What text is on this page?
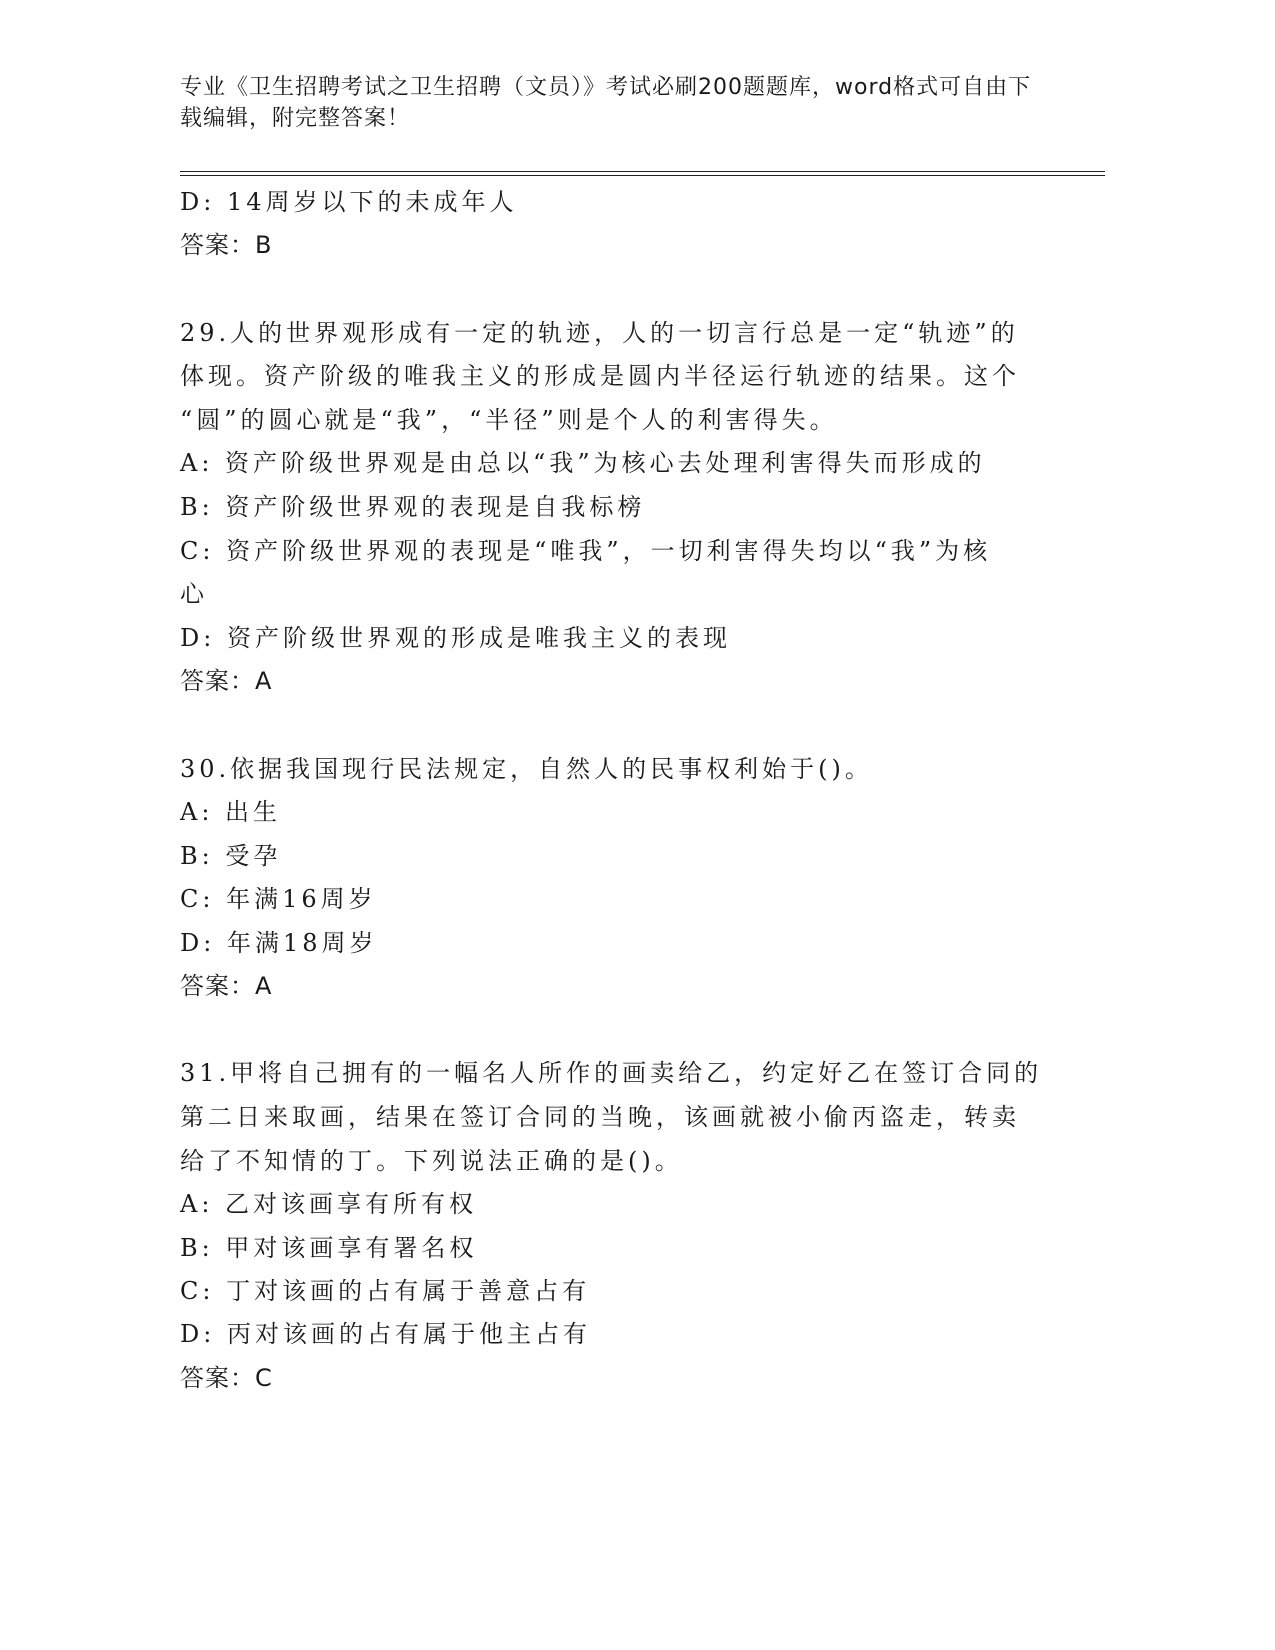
专业《卫生招聘考试之卫生招聘（文员）》考试必刷200题题库，word格式可自由下载编辑，附完整答案！
D: 14周岁以下的未成年人
答案：B
29.人的世界观形成有一定的轨迹，人的一切言行总是一定“轨迹”的
体现。资产阶级的唯我主义的形成是圆内半径运行轨迹的结果。这个
“圆”的圆心就是“我”，“半径”则是个人的利害得失。
A: 资产阶级世界观是由总以“我”为核心去处理利害得失而形成的
B: 资产阶级世界观的表现是自我标榜
C: 资产阶级世界观的表现是“唯我”，一切利害得失均以“我”为核
心
D: 资产阶级世界观的形成是唯我主义的表现
答案：A
30.依据我国现行民法规定，自然人的民事权利始于()。
A: 出生
B: 受孕
C: 年满16周岁
D: 年满18周岁
答案：A
31.甲将自己拥有的一幅名人所作的画卖给乙，约定好乙在签订合同的
第二日来取画，结果在签订合同的当晚，该画就被小偷丙盗走，转卖
给了不知情的丁。下列说法正确的是()。
A: 乙对该画享有所有权
B: 甲对该画享有署名权
C: 丁对该画的占有属于善意占有
D: 丙对该画的占有属于他主占有
答案：C
